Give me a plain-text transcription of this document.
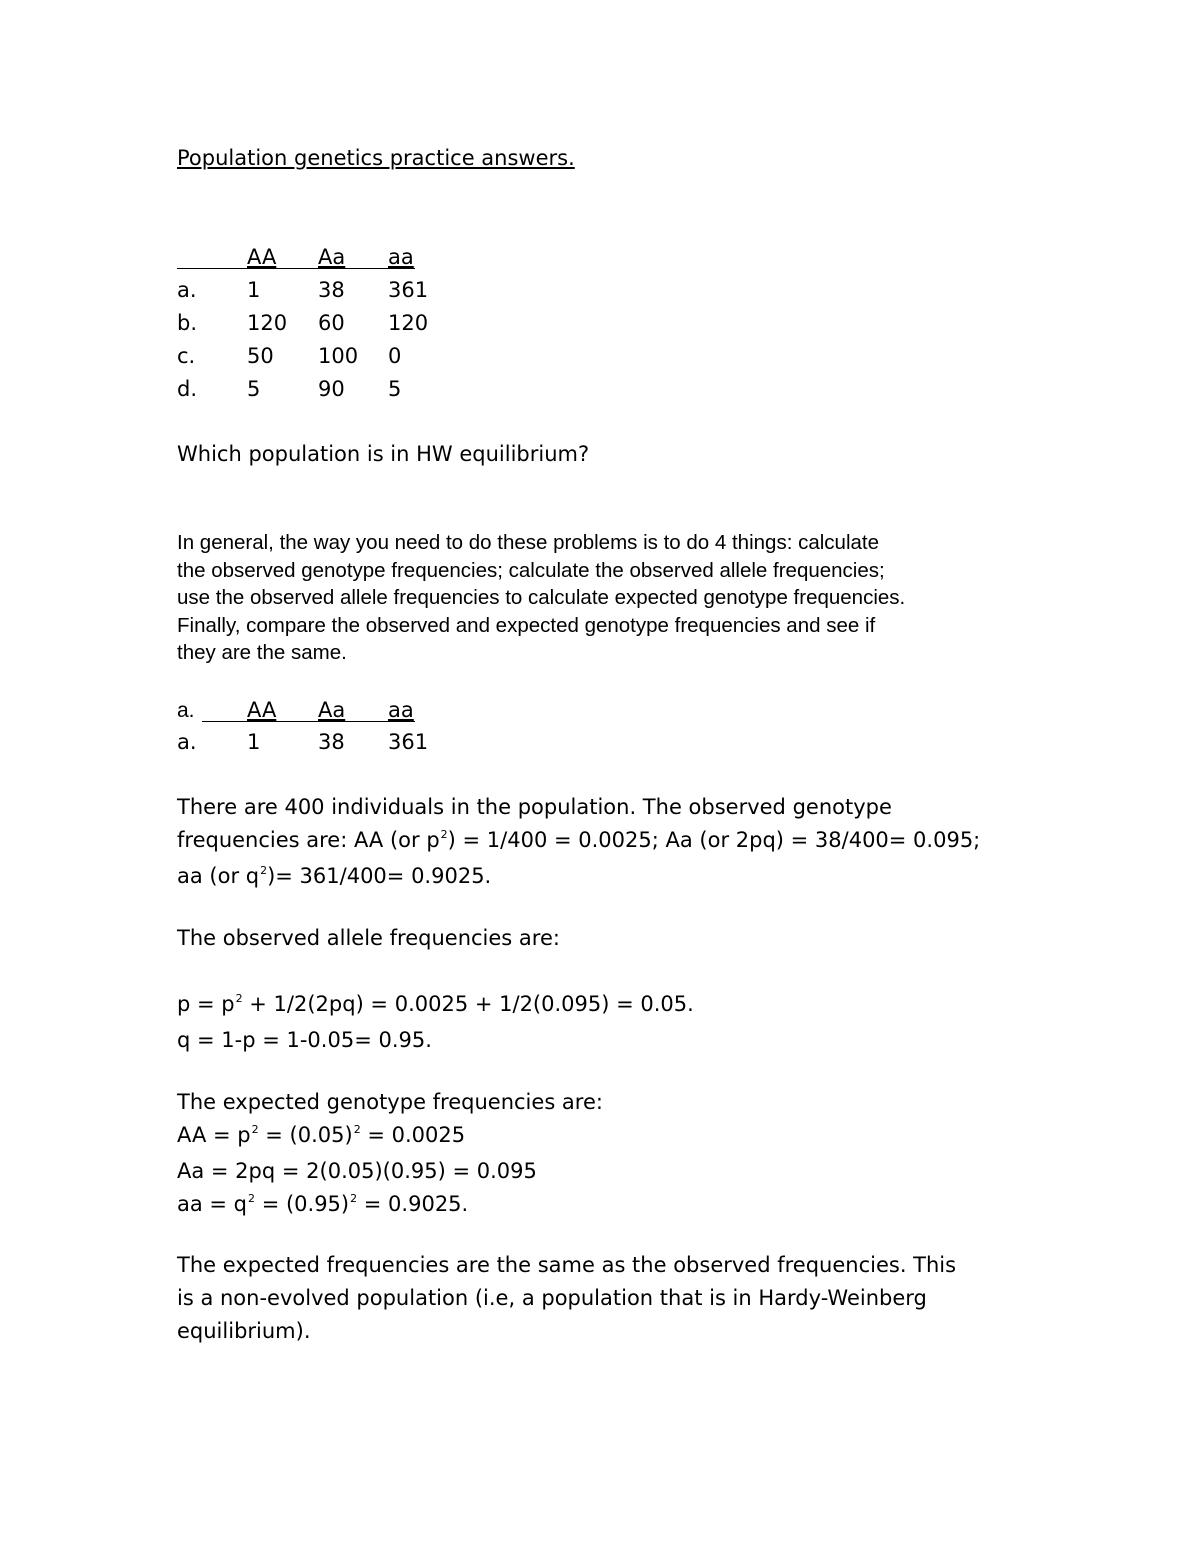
Population genetics practice answers.
AA Aa aa
a. 1	38 361
b. 120 60 120
c. 50 100 0
d. 5	90 5
Which population is in HW equilibrium?
In general, the way you need to do these problems is to do 4 things: calculate
the observed genotype frequencies; calculate the observed allele frequencies;
use the observed allele frequencies to calculate expected genotype frequencies.
Finally, compare the observed and expected genotype frequencies and see if
they are the same.
a. AA Aa aa
a. 1	38 361
There are 400 individuals in the population. The observed genotype
frequencies are: AA (or $p^2) = 1/400 = 0.0025$; Aa (or 2pq) = 38/400= 0.095;
aa (or $q^2)= 361/400= 0.9025$.
The observed allele frequencies are:
$p = p^2 + 1/2(2pq) = 0.0025 + 1/2(0.095) = 0.05$.
q = 1-p = 1-0.05= 0.95.
The expected genotype frequencies are:
AA = $p^2 = (0.05)^2 = 0.0025$
Aa = 2pq = 2(0.05)(0.95) = 0.095
aa = $q^2 = (0.95)^2 = 0.9025$.
The expected frequencies are the same as the observed frequencies. This
is a non-evolved population (i.e, a population that is in Hardy-Weinberg
equilibrium).
